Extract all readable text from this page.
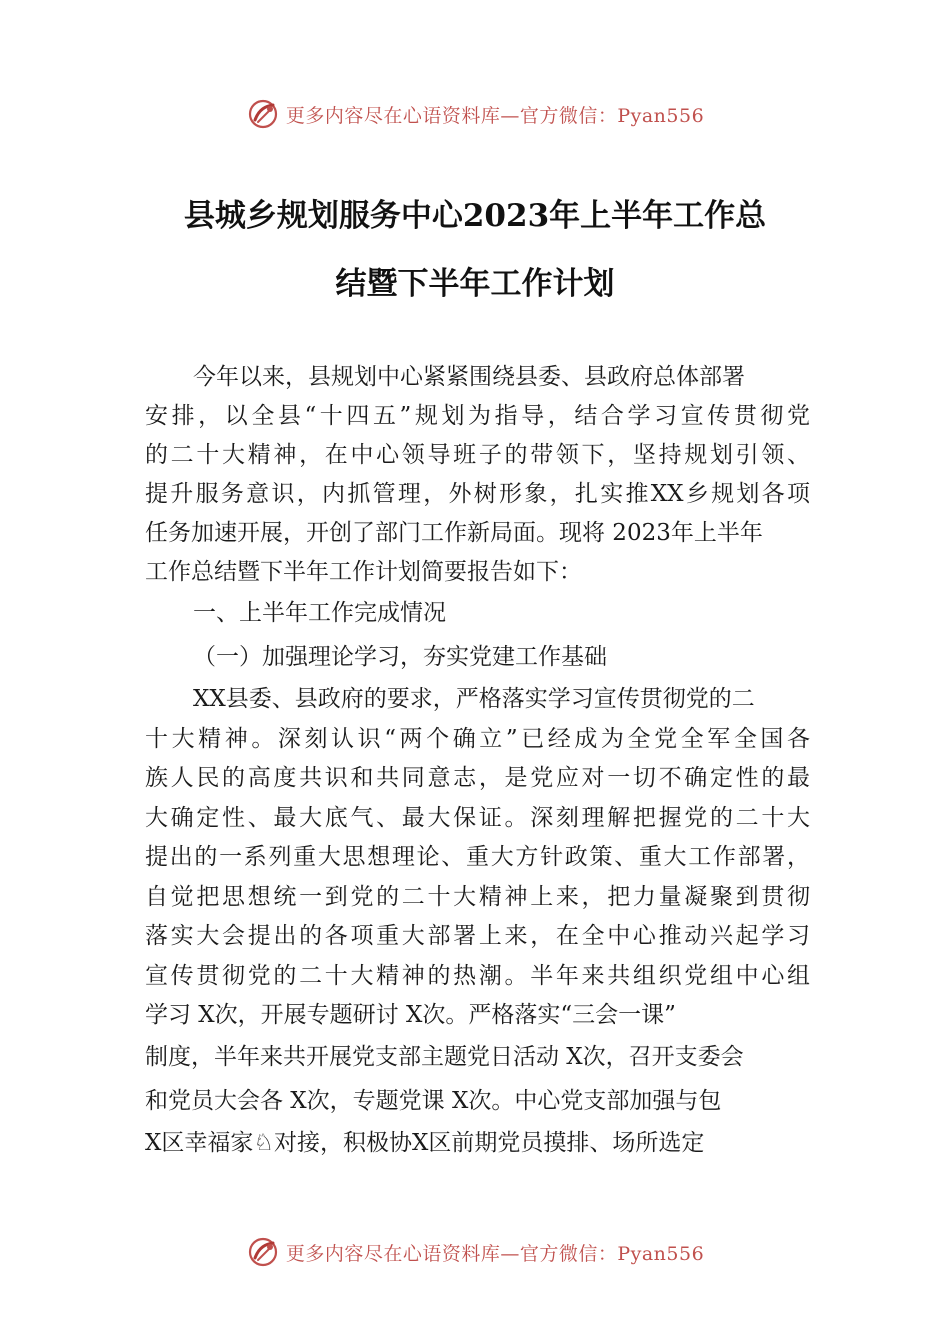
更多内容尽在心语资料库—官方微信：Pyan556
县城乡规划服务中心2023年上半年工作总
结暨下半年工作计划
今年以来，县规划中心紧紧围绕县委、县政府总体部署
安排，以全县“十四五”规划为指导，结合学习宣传贯彻党
的二十大精神，在中心领导班子的带领下，坚持规划引领、
提升服务意识，内抓管理，外树形象，扎实推XX乡规划各项
任务加速开展，开创了部门工作新局面。现将 2023年上半年
工作总结暨下半年工作计划简要报告如下：
一、上半年工作完成情况
（一）加强理论学习，夯实党建工作基础
XX县委、县政府的要求，严格落实学习宣传贯彻党的二
十大精神。深刻认识“两个确立”已经成为全党全军全国各
族人民的高度共识和共同意志，是党应对一切不确定性的最
大确定性、最大底气、最大保证。深刻理解把握党的二十大
提出的一系列重大思想理论、重大方针政策、重大工作部署，
自觉把思想统一到党的二十大精神上来，把力量凝聚到贯彻
落实大会提出的各项重大部署上来，在全中心推动兴起学习
宣传贯彻党的二十大精神的热潮。半年来共组织党组中心组
学习 X次，开展专题研讨 X次。严格落实“三会一课”
制度，半年来共开展党支部主题党日活动 X次，召开支委会
和党员大会各 X次，专题党课 X次。中心党支部加强与包
X区幸福家♘对接，积极协X区前期党员摸排、场所选定
更多内容尽在心语资料库—官方微信：Pyan556
